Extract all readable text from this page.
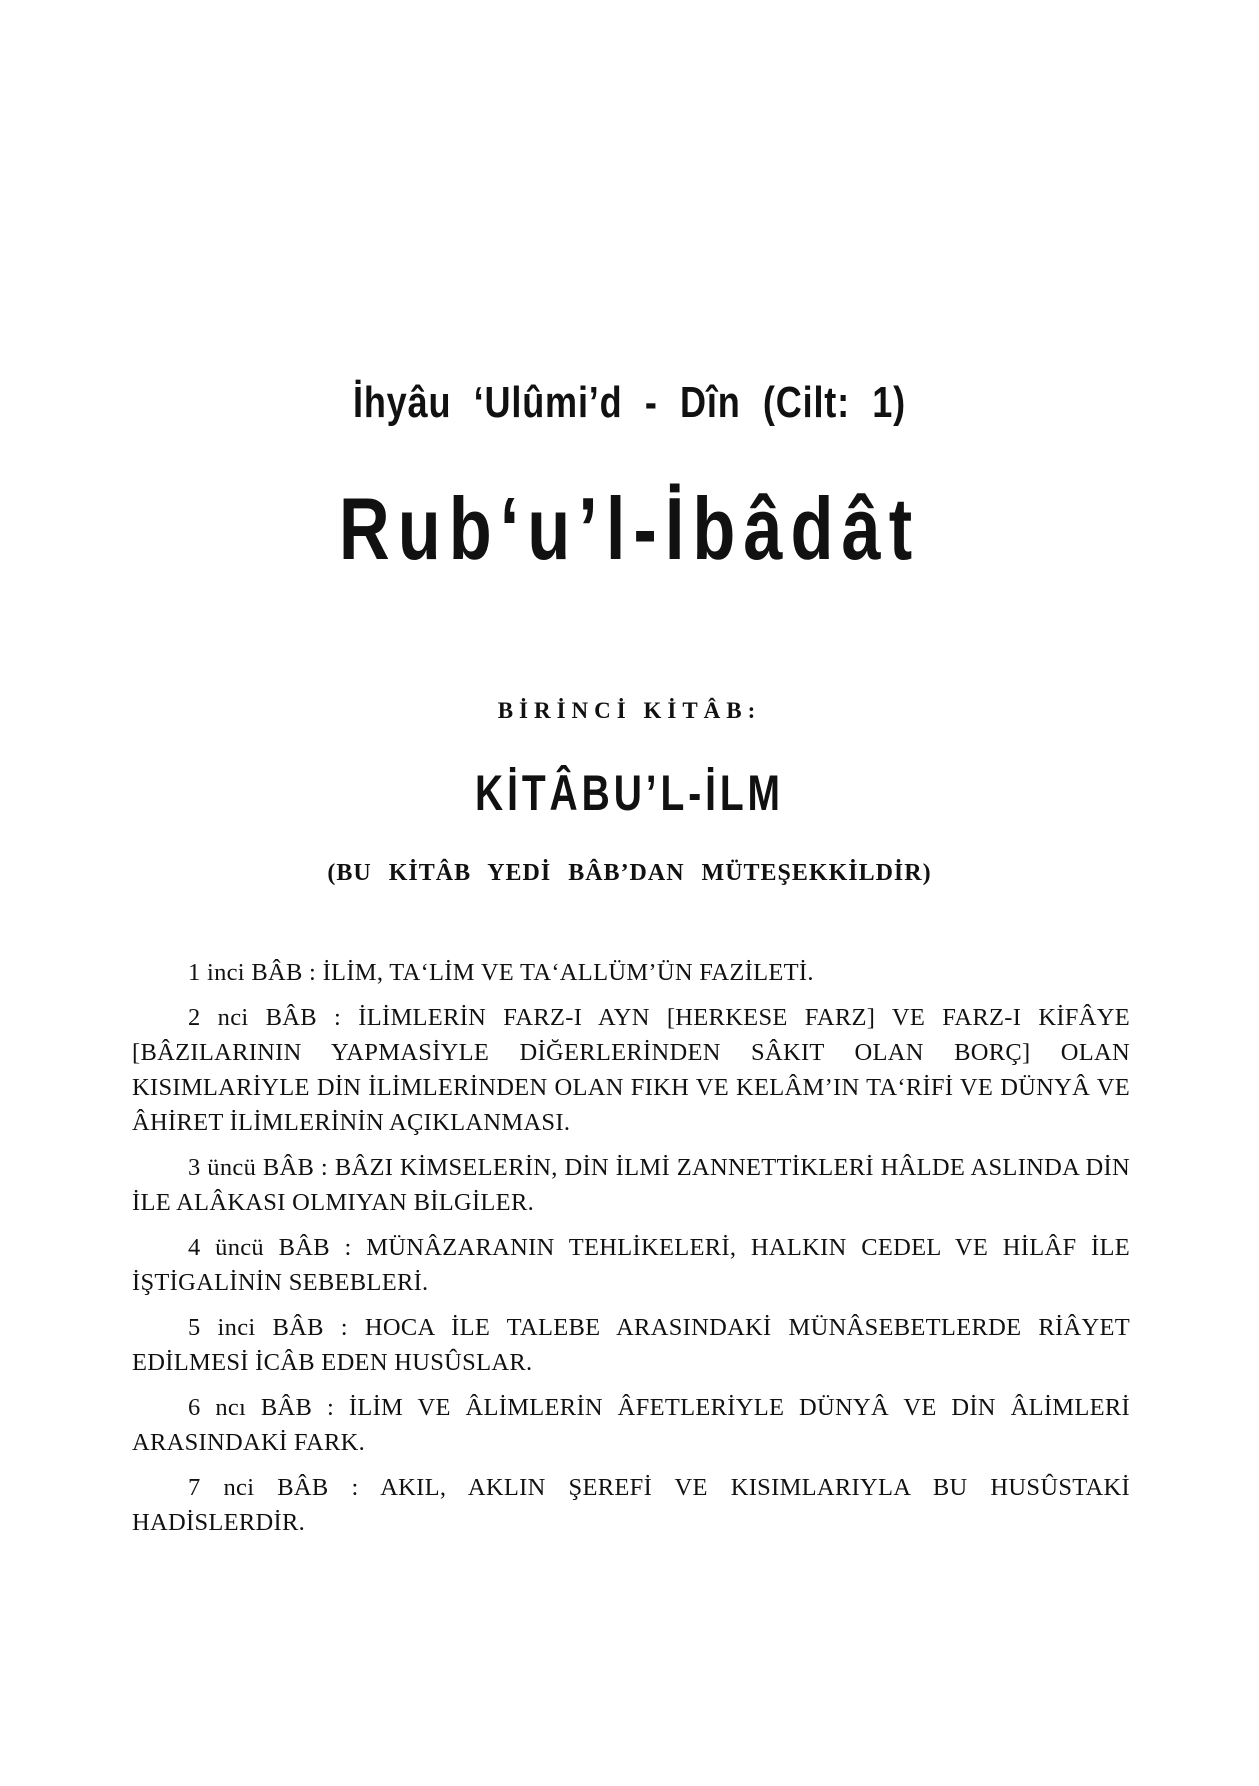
İhyâu ‘Ulûmi’d - Dîn (Cilt: 1)
Rub‘u’l-İbâdât
BİRİNCİ KİTÂB:
KİTÂBU’L-İLM
(BU KİTÂB YEDİ BÂB’DAN MÜTEŞEKKİLDİR)

1 inci BÂB : İLİM, TA‘LİM VE TA‘ALLÜM’ÜN FAZİLETİ.

2 nci BÂB : İLİMLERİN FARZ-I AYN [HERKESE FARZ] VE FARZ-I KİFÂYE [BÂZILARININ YAPMASİYLE DİĞERLERİNDEN SÂKIT OLAN BORÇ] OLAN KISIMLARİYLE DİN İLİMLERİNDEN OLAN FIKH VE KELÂM’IN TA‘RİFİ VE DÜNYÂ VE ÂHİRET İLİMLERİNİN AÇIKLANMASI.

3 üncü BÂB : BÂZI KİMSELERİN, DİN İLMİ ZANNETTİKLERİ HÂLDE ASLINDA DİN İLE ALÂKASI OLMIYAN BİLGİLER.

4 üncü BÂB : MÜNÂZARANIN TEHLİKELERİ, HALKIN CEDEL VE HİLÂF İLE İŞTİGALİNİN SEBEBLERİ.

5 inci BÂB : HOCA İLE TALEBE ARASINDAKİ MÜNÂSEBETLERDE RİÂYET EDİLMESİ İCÂB EDEN HUSÛSLAR.

6 ncı BÂB : İLİM VE ÂLİMLERİN ÂFETLERİYLE DÜNYÂ VE DİN ÂLİMLERİ ARASINDAKİ FARK.

7 nci BÂB : AKIL, AKLIN ŞEREFİ VE KISIMLARIYLA BU HUSÛSTAKİ HADİSLERDİR.
